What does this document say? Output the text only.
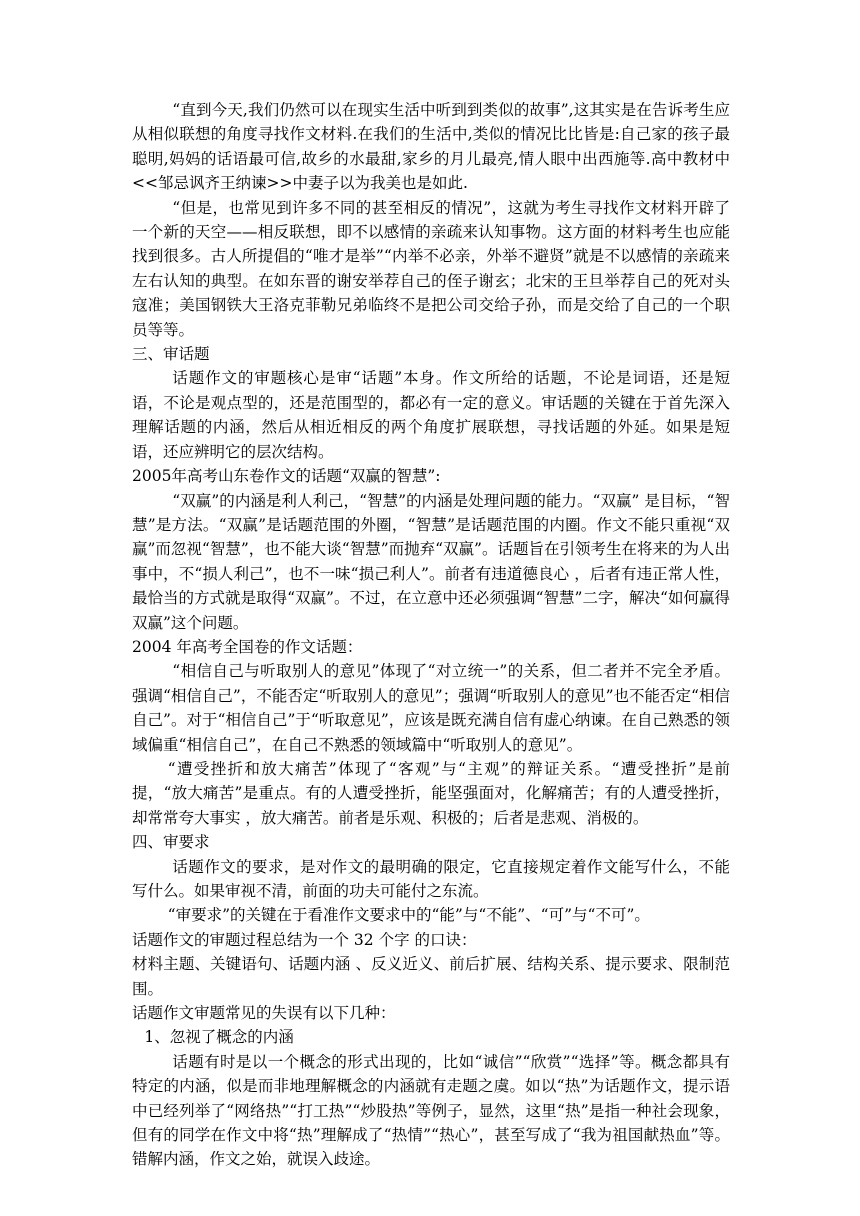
“直到今天,我们仍然可以在现实生活中听到到类似的故事”,这其实是在告诉考生应从相似联想的角度寻找作文材料.在我们的生活中,类似的情况比比皆是:自己家的孩子最聪明,妈妈的话语最可信,故乡的水最甜,家乡的月儿最亮,情人眼中出西施等.高中教材中<<邹忌讽齐王纳谏>>中妻子以为我美也是如此.

“但是，也常见到许多不同的甚至相反的情况”，这就为考生寻找作文材料开辟了一个新的天空——相反联想，即不以感情的亲疏来认知事物。这方面的材料考生也应能找到很多。古人所提倡的“唯才是举”“内举不必亲，外举不避贤”就是不以感情的亲疏来左右认知的典型。在如东晋的谢安举荐自己的侄子谢玄；北宋的王旦举荐自己的死对头寇准；美国钢铁大王洛克菲勒兄弟临终不是把公司交给子孙，而是交给了自己的一个职员等等。

三、审话题

话题作文的审题核心是审“话题”本身。作文所给的话题，不论是词语，还是短语，不论是观点型的，还是范围型的，都必有一定的意义。审话题的关键在于首先深入理解话题的内涵，然后从相近相反的两个角度扩展联想，寻找话题的外延。如果是短语，还应辨明它的层次结构。

2005年高考山东卷作文的话题“双赢的智慧”:

“双赢”的内涵是利人利己，“智慧”的内涵是处理问题的能力。“双赢” 是目标，“智慧”是方法。“双赢”是话题范围的外圈，“智慧”是话题范围的内圈。作文不能只重视“双赢”而忽视“智慧”，也不能大谈“智慧”而抛弃“双赢”。话题旨在引领考生在将来的为人出事中，不“损人利己”，也不一味“损己利人”。前者有违道德良心 ，后者有违正常人性，最恰当的方式就是取得“双赢”。不过，在立意中还必须强调“智慧”二字，解决“如何赢得双赢”这个问题。

2004 年高考全国卷的作文话题：

“相信自己与听取别人的意见”体现了“对立统一”的关系，但二者并不完全矛盾。强调“相信自己”，不能否定“听取别人的意见”；强调“听取别人的意见”也不能否定“相信自己”。对于“相信自己”于“听取意见”，应该是既充满自信有虚心纳谏。在自己熟悉的领域偏重“相信自己”，在自己不熟悉的领域篇中“听取别人的意见”。

“遭受挫折和放大痛苦”体现了“客观”与“主观”的辩证关系。“遭受挫折”是前提，“放大痛苦”是重点。有的人遭受挫折，能坚强面对，化解痛苦；有的人遭受挫折，却常常夸大事实 ，放大痛苦。前者是乐观、积极的；后者是悲观、消极的。

四、审要求

话题作文的要求，是对作文的最明确的限定，它直接规定着作文能写什么，不能写什么。如果审视不清，前面的功夫可能付之东流。

“审要求”的关键在于看准作文要求中的“能”与“不能”、“可”与“不可”。

话题作文的审题过程总结为一个 32 个字 的口诀：

材料主题、关键语句、话题内涵 、反义近义、前后扩展、结构关系、提示要求、限制范围。

话题作文审题常见的失误有以下几种：

1、忽视了概念的内涵

话题有时是以一个概念的形式出现的，比如“诚信”“欣赏”“选择”等。概念都具有特定的内涵，似是而非地理解概念的内涵就有走题之虞。如以“热”为话题作文，提示语中已经列举了“网络热”“打工热”“炒股热”等例子，显然，这里“热”是指一种社会现象，但有的同学在作文中将“热”理解成了“热情”“热心”，甚至写成了“我为祖国献热血”等。错解内涵，作文之始，就误入歧途。
